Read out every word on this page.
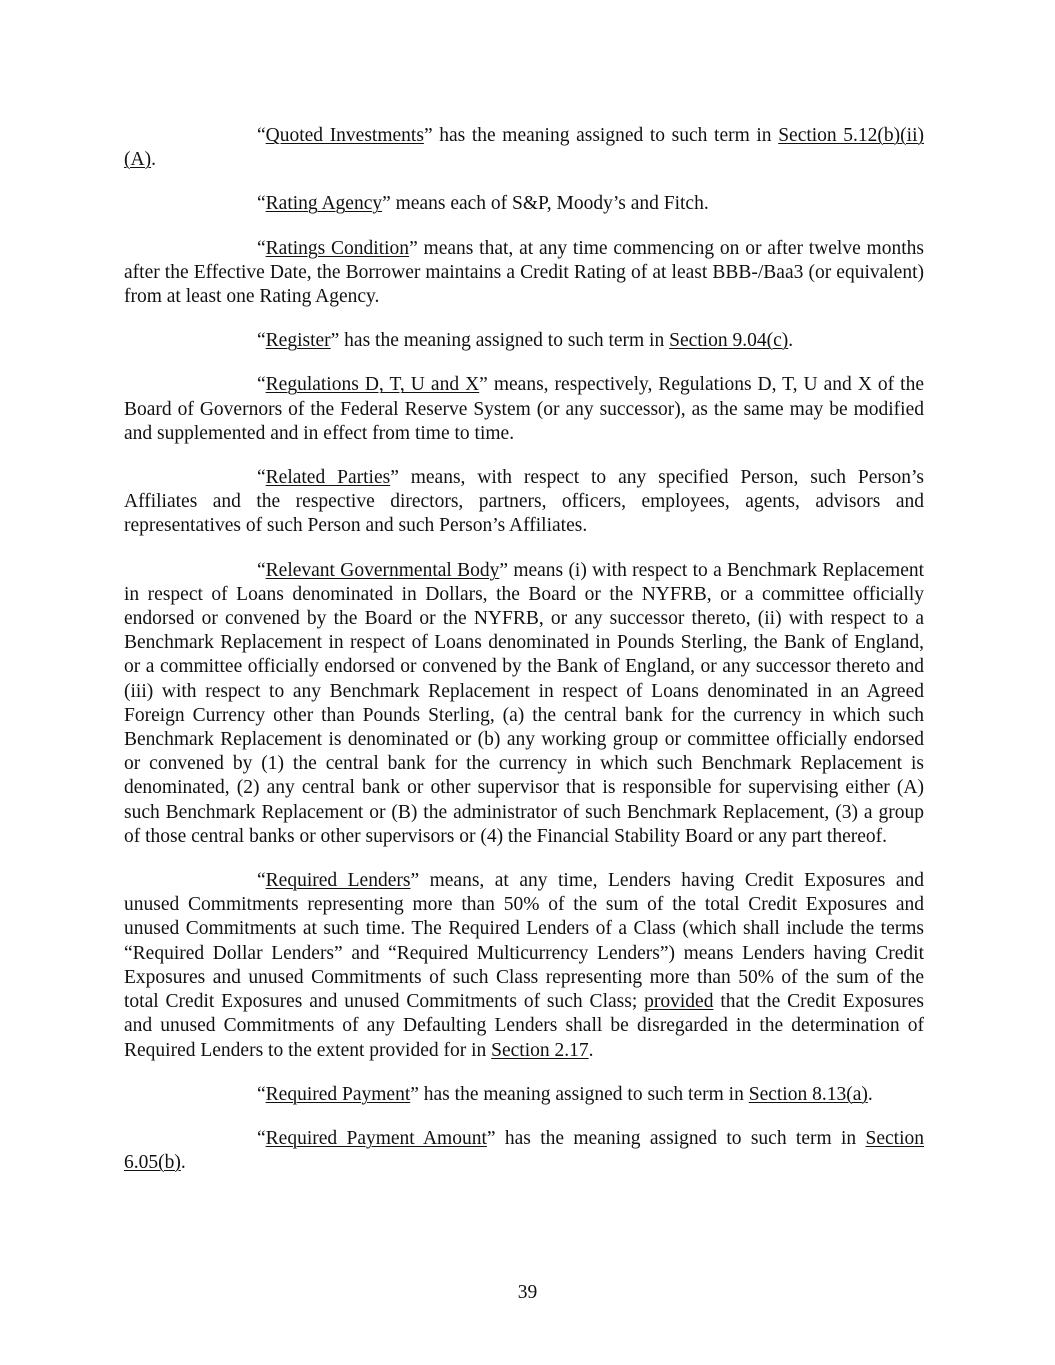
“Quoted Investments” has the meaning assigned to such term in Section 5.12(b)(ii)(A).

“Rating Agency” means each of S&P, Moody’s and Fitch.

“Ratings Condition” means that, at any time commencing on or after twelve months after the Effective Date, the Borrower maintains a Credit Rating of at least BBB-/Baa3 (or equivalent) from at least one Rating Agency.

“Register” has the meaning assigned to such term in Section 9.04(c).

“Regulations D, T, U and X” means, respectively, Regulations D, T, U and X of the Board of Governors of the Federal Reserve System (or any successor), as the same may be modified and supplemented and in effect from time to time.

“Related Parties” means, with respect to any specified Person, such Person’s Affiliates and the respective directors, partners, officers, employees, agents, advisors and representatives of such Person and such Person’s Affiliates.

“Relevant Governmental Body” means (i) with respect to a Benchmark Replacement in respect of Loans denominated in Dollars, the Board or the NYFRB, or a committee officially endorsed or convened by the Board or the NYFRB, or any successor thereto, (ii) with respect to a Benchmark Replacement in respect of Loans denominated in Pounds Sterling, the Bank of England, or a committee officially endorsed or convened by the Bank of England, or any successor thereto and (iii) with respect to any Benchmark Replacement in respect of Loans denominated in an Agreed Foreign Currency other than Pounds Sterling, (a) the central bank for the currency in which such Benchmark Replacement is denominated or (b) any working group or committee officially endorsed or convened by (1) the central bank for the currency in which such Benchmark Replacement is denominated, (2) any central bank or other supervisor that is responsible for supervising either (A) such Benchmark Replacement or (B) the administrator of such Benchmark Replacement, (3) a group of those central banks or other supervisors or (4) the Financial Stability Board or any part thereof.

“Required Lenders” means, at any time, Lenders having Credit Exposures and unused Commitments representing more than 50% of the sum of the total Credit Exposures and unused Commitments at such time. The Required Lenders of a Class (which shall include the terms “Required Dollar Lenders” and “Required Multicurrency Lenders”) means Lenders having Credit Exposures and unused Commitments of such Class representing more than 50% of the sum of the total Credit Exposures and unused Commitments of such Class; provided that the Credit Exposures and unused Commitments of any Defaulting Lenders shall be disregarded in the determination of Required Lenders to the extent provided for in Section 2.17.

“Required Payment” has the meaning assigned to such term in Section 8.13(a).

“Required Payment Amount” has the meaning assigned to such term in Section 6.05(b).

39
